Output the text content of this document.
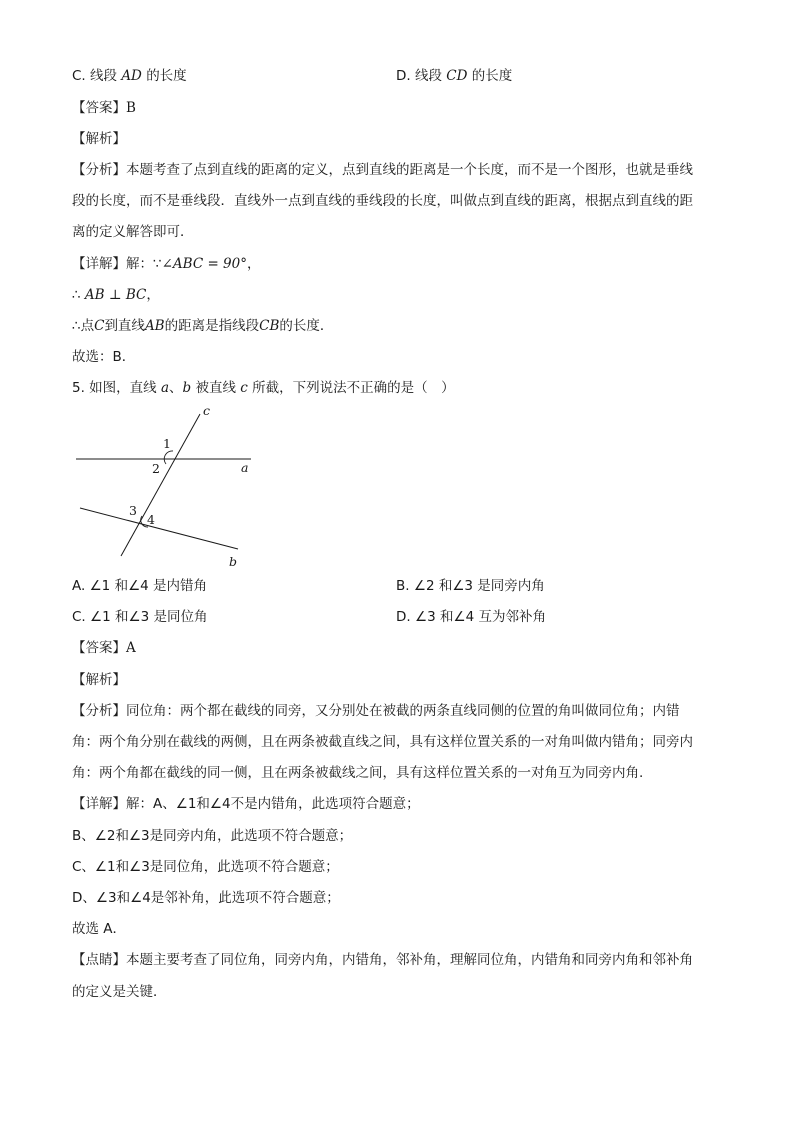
C. 线段 AD 的长度	D. 线段 CD 的长度
【答案】B
【解析】
【分析】本题考查了点到直线的距离的定义，点到直线的距离是一个长度，而不是一个图形，也就是垂线
段的长度，而不是垂线段．直线外一点到直线的垂线段的长度，叫做点到直线的距离，根据点到直线的距
离的定义解答即可．
【详解】解：∵∠ABC = 90°，
∴ AB ⊥ BC，
∴点C到直线AB的距离是指线段CB的长度．
故选：B．
5. 如图，直线 a、b 被直线 c 所截，下列说法不正确的是（　）
c
a
b
1
2
3
4
A. ∠1 和∠4 是内错角	B. ∠2 和∠3 是同旁内角
C. ∠1 和∠3 是同位角	D. ∠3 和∠4 互为邻补角
【答案】A
【解析】
【分析】同位角：两个都在截线的同旁，又分别处在被截的两条直线同侧的位置的角叫做同位角；内错
角：两个角分别在截线的两侧，且在两条被截直线之间，具有这样位置关系的一对角叫做内错角；同旁内
角：两个角都在截线的同一侧，且在两条被截线之间，具有这样位置关系的一对角互为同旁内角.
【详解】解：A、∠1和∠4不是内错角，此选项符合题意；
B、∠2和∠3是同旁内角，此选项不符合题意；
C、∠1和∠3是同位角，此选项不符合题意；
D、∠3和∠4是邻补角，此选项不符合题意；
故选 A．
【点睛】本题主要考查了同位角，同旁内角，内错角，邻补角，理解同位角，内错角和同旁内角和邻补角
的定义是关键．
